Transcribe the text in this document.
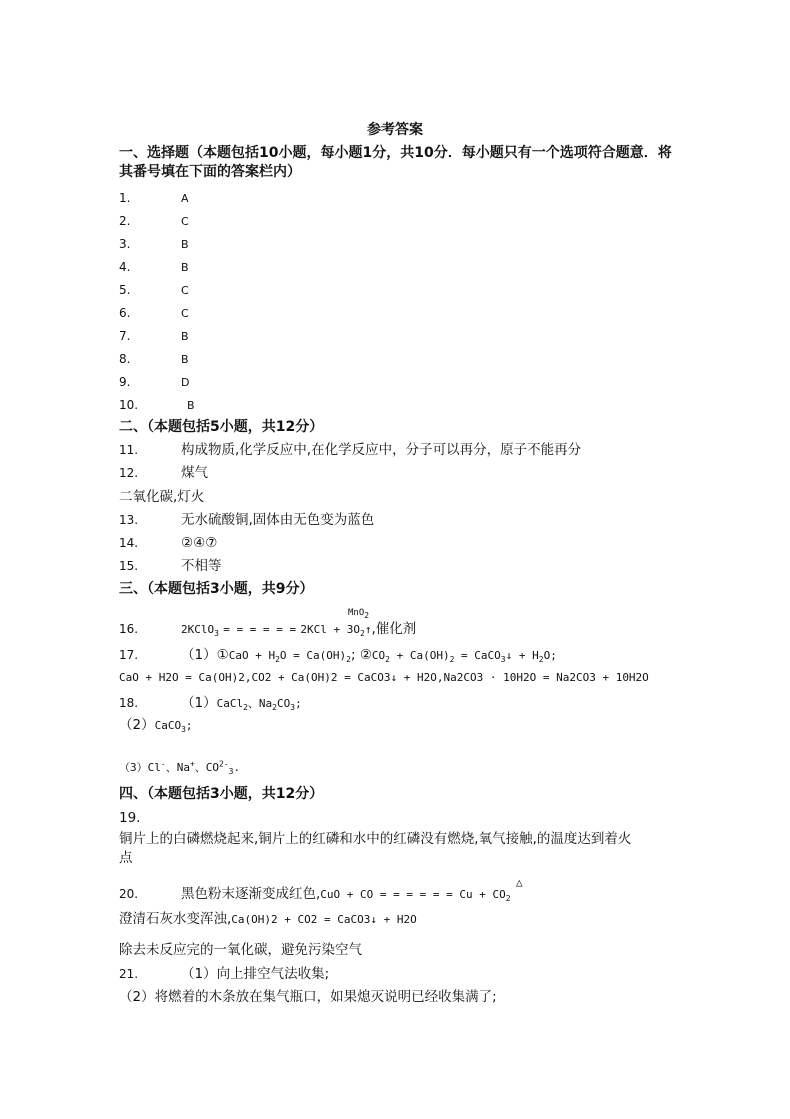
参考答案
一、选择题（本题包括10小题，每小题1分，共10分．每小题只有一个选项符合题意．将
其番号填在下面的答案栏内）
1.	A
2.	C
3.	B
4.	B
5.	C
6.	C
7.	B
8.	B
9.	D
10.	B
二、（本题包括5小题，共12分）
11.	构成物质,化学反应中,在化学反应中，分子可以再分，原子不能再分
12.	煤气
二氧化碳,灯火
13.	无水硫酸铜,固体由无色变为蓝色
14.	②④⑦
15.	不相等
三、（本题包括3小题，共9分）
16.	2KClO$_3$ = = = = = = $2KCl + 3O_2↑$,催化剂
MnO$_2$
17.	（1）①CaO + $H_2O = Ca(OH)_2$; $②CO_2 + Ca(OH)_2$ = CaCO$_3$↓ + $H_2O$;
CaO + H2O = Ca(OH)2,CO2 + Ca(OH)2 = CaCO3↓ + H2O,Na2CO3 · 10H2O = Na2CO3 + 10H2O
18.	（1）CaCl$_2$、$Na_2CO_3$;
（2）CaCO$_3$;
（3）Cl-、Na+、$CO^{2-}_3$.
四、（本题包括3小题，共12分）
19.
铜片上的白磷燃烧起来,铜片上的红磷和水中的红磷没有燃烧,氧气接触,的温度达到着火
点
20.	黑色粉末逐渐变成红色,CuO + CO = = = = = = $Cu + CO_2$
△
澄清石灰水变浑浊,Ca(OH)2 + CO2 = CaCO3↓ + H2O
除去未反应完的一氧化碳，避免污染空气
21.	（1）向上排空气法收集;
（2）将燃着的木条放在集气瓶口，如果熄灭说明已经收集满了;
